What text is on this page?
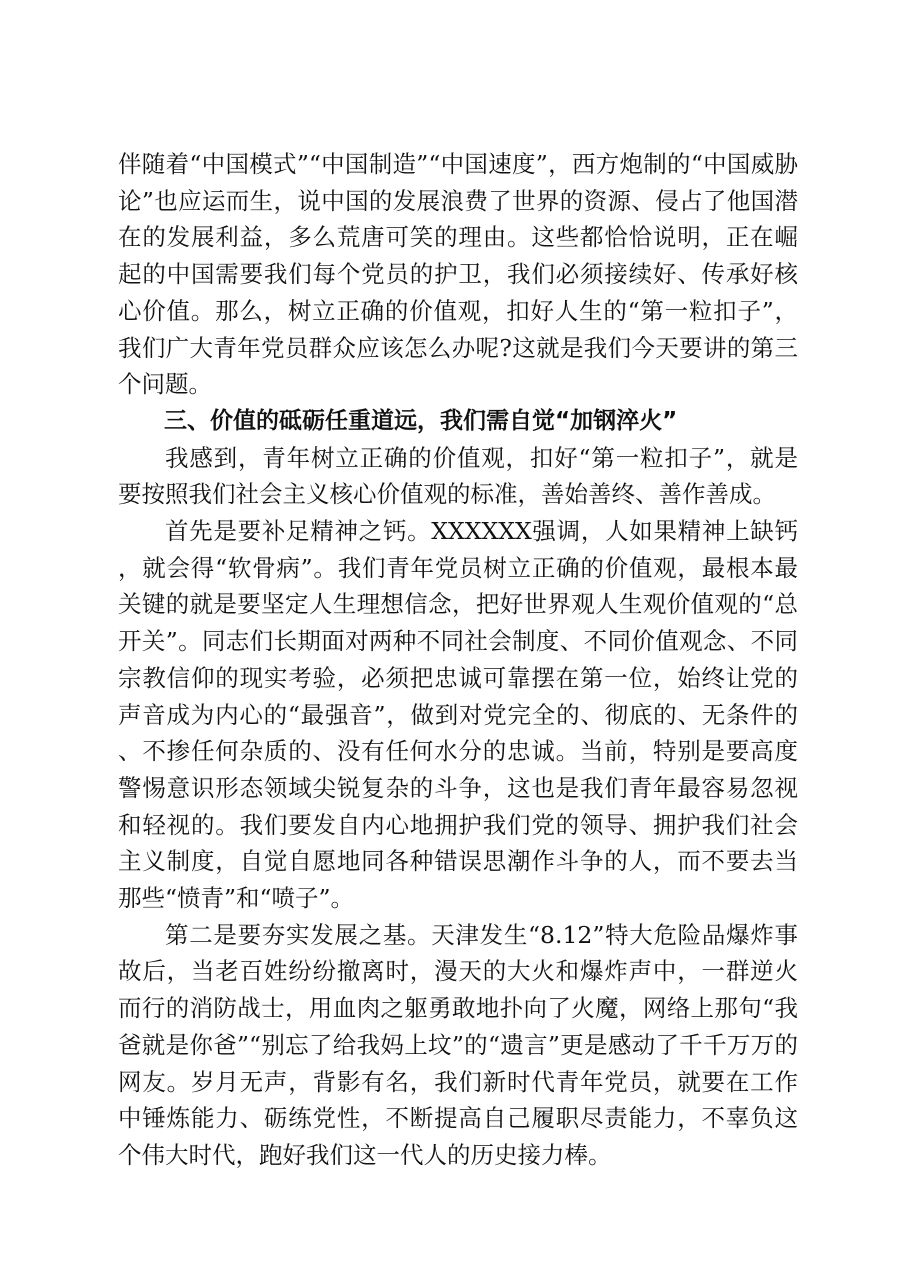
伴随着“中国模式”“中国制造”“中国速度”，西方炮制的“中国威胁论”也应运而生，说中国的发展浪费了世界的资源、侵占了他国潜在的发展利益，多么荒唐可笑的理由。这些都恰恰说明，正在崛起的中国需要我们每个党员的护卫，我们必须接续好、传承好核心价值。那么，树立正确的价值观，扣好人生的“第一粒扣子”，我们广大青年党员群众应该怎么办呢?这就是我们今天要讲的第三个问题。

三、价值的砥砺任重道远，我们需自觉“加钢淬火”

我感到，青年树立正确的价值观，扣好“第一粒扣子”，就是要按照我们社会主义核心价值观的标准，善始善终、善作善成。

首先是要补足精神之钙。XXXXXX强调，人如果精神上缺钙，就会得“软骨病”。我们青年党员树立正确的价值观，最根本最关键的就是要坚定人生理想信念，把好世界观人生观价值观的“总开关”。同志们长期面对两种不同社会制度、不同价值观念、不同宗教信仰的现实考验，必须把忠诚可靠摆在第一位，始终让党的声音成为内心的“最强音”，做到对党完全的、彻底的、无条件的、不掺任何杂质的、没有任何水分的忠诚。当前，特别是要高度警惕意识形态领域尖锐复杂的斗争，这也是我们青年最容易忽视和轻视的。我们要发自内心地拥护我们党的领导、拥护我们社会主义制度，自觉自愿地同各种错误思潮作斗争的人，而不要去当那些“愤青”和“喷子”。

第二是要夯实发展之基。天津发生“8.12”特大危险品爆炸事故后，当老百姓纷纷撤离时，漫天的大火和爆炸声中，一群逆火而行的消防战士，用血肉之躯勇敢地扑向了火魔，网络上那句“我爸就是你爸”“别忘了给我妈上坟”的“遗言”更是感动了千千万万的网友。岁月无声，背影有名，我们新时代青年党员，就要在工作中锤炼能力、砺练党性，不断提高自己履职尽责能力，不辜负这个伟大时代，跑好我们这一代人的历史接力棒。
